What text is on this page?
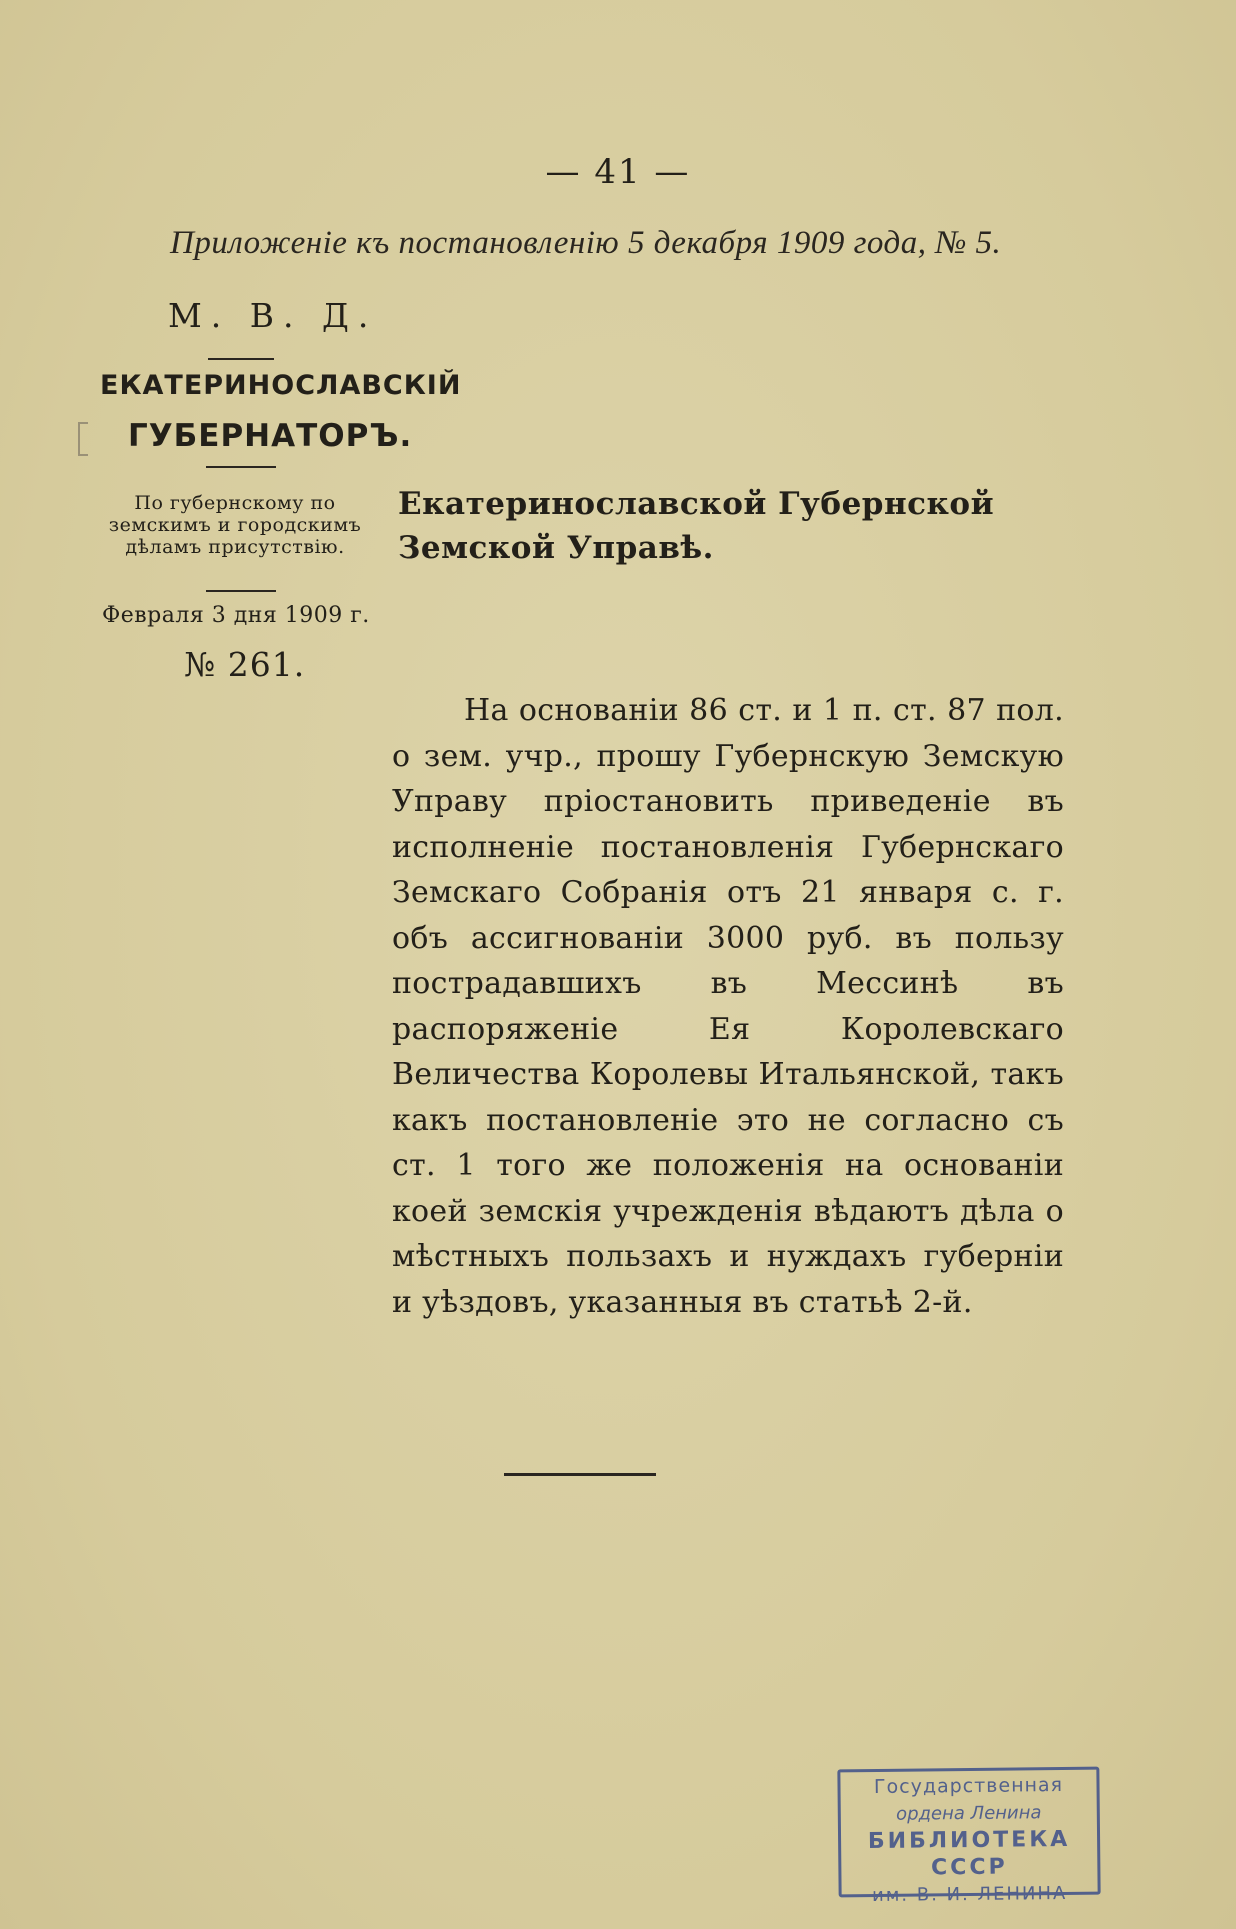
— 41 —
Приложеніе къ постановленію 5 декабря 1909 года, № 5.
М. В. Д.
ЕКАТЕРИНОСЛАВСКІЙ
ГУБЕРНАТОРЪ.
По губернскому по земскимъ и городскимъ дѣламъ присутствію.
Екатеринославской Губернской Земской Управѣ.
Февраля 3 дня 1909 г.
№ 261.

На основаніи 86 ст. и 1 п. ст. 87 пол. о зем. учр., прошу Губернскую Земскую Управу пріостановить приведеніе въ исполненіе постановленія Губернскаго Земскаго Собранія отъ 21 января с. г. объ ассигнованіи 3000 руб. въ пользу пострадавшихъ въ Мессинѣ въ распоряженіе Ея Королевскаго Величества Королевы Итальянской, такъ какъ постановленіе это не согласно съ ст. 1 того же положенія на основаніи коей земскія учрежденія вѣдаютъ дѣла о мѣстныхъ пользахъ и нуждахъ губерніи и уѣздовъ, указанныя въ статьѣ 2-й.

Государственная
ордена Ленина
БИБЛИОТЕКА СССР
им. В. И. ЛЕНИНА
